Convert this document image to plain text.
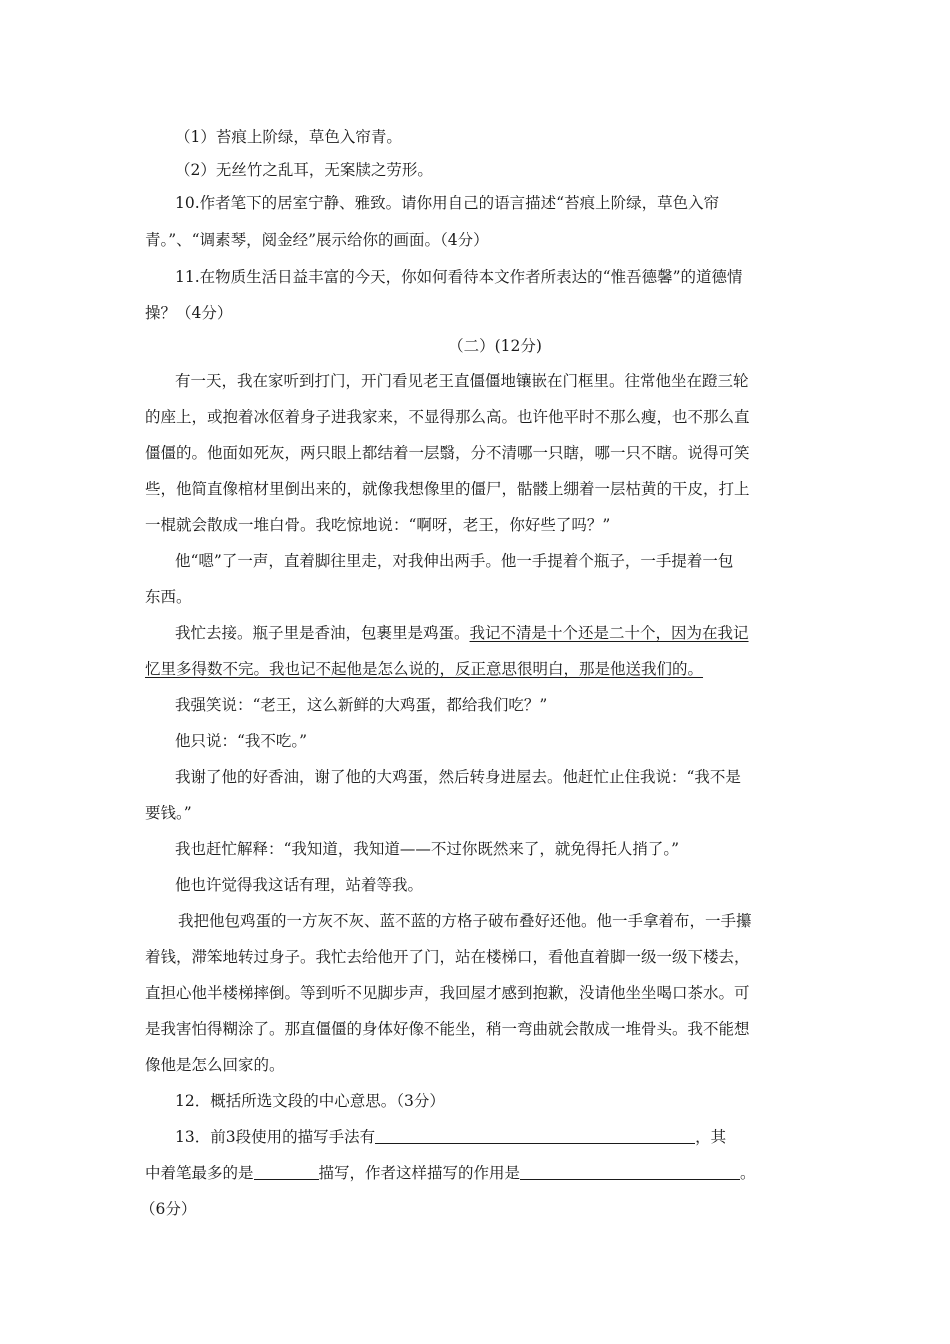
（1）苔痕上阶绿，草色入帘青。
（2）无丝竹之乱耳，无案牍之劳形。
10.作者笔下的居室宁静、雅致。请你用自己的语言描述“苔痕上阶绿，草色入帘
青。”、“调素琴，阅金经”展示给你的画面。（4分）
11.在物质生活日益丰富的今天，你如何看待本文作者所表达的“惟吾德馨”的道德情
操？（4分）
（二）(12分)
有一天，我在家听到打门，开门看见老王直僵僵地镶嵌在门框里。往常他坐在蹬三轮
的座上，或抱着冰伛着身子进我家来，不显得那么高。也许他平时不那么瘦，也不那么直
僵僵的。他面如死灰，两只眼上都结着一层翳，分不清哪一只瞎，哪一只不瞎。说得可笑
些，他简直像棺材里倒出来的，就像我想像里的僵尸，骷髅上绷着一层枯黄的干皮，打上
一棍就会散成一堆白骨。我吃惊地说：“啊呀，老王，你好些了吗？”
他“嗯”了一声，直着脚往里走，对我伸出两手。他一手提着个瓶子，一手提着一包
东西。
我忙去接。瓶子里是香油，包裹里是鸡蛋。我记不清是十个还是二十个，因为在我记
忆里多得数不完。我也记不起他是怎么说的，反正意思很明白，那是他送我们的。
我强笑说：“老王，这么新鲜的大鸡蛋，都给我们吃？”
他只说：“我不吃。”
我谢了他的好香油，谢了他的大鸡蛋，然后转身进屋去。他赶忙止住我说：“我不是
要钱。”
我也赶忙解释：“我知道，我知道——不过你既然来了，就免得托人捎了。”
他也许觉得我这话有理，站着等我。
我把他包鸡蛋的一方灰不灰、蓝不蓝的方格子破布叠好还他。他一手拿着布，一手攥
着钱，滞笨地转过身子。我忙去给他开了门，站在楼梯口，看他直着脚一级一级下楼去，
直担心他半楼梯摔倒。等到听不见脚步声，我回屋才感到抱歉，没请他坐坐喝口茶水。可
是我害怕得糊涂了。那直僵僵的身体好像不能坐，稍一弯曲就会散成一堆骨头。我不能想
像他是怎么回家的。
12．概括所选文段的中心意思。（3分）
13．前3段使用的描写手法有	，其
中着笔最多的是	描写，作者这样描写的作用是	。
（6分）
